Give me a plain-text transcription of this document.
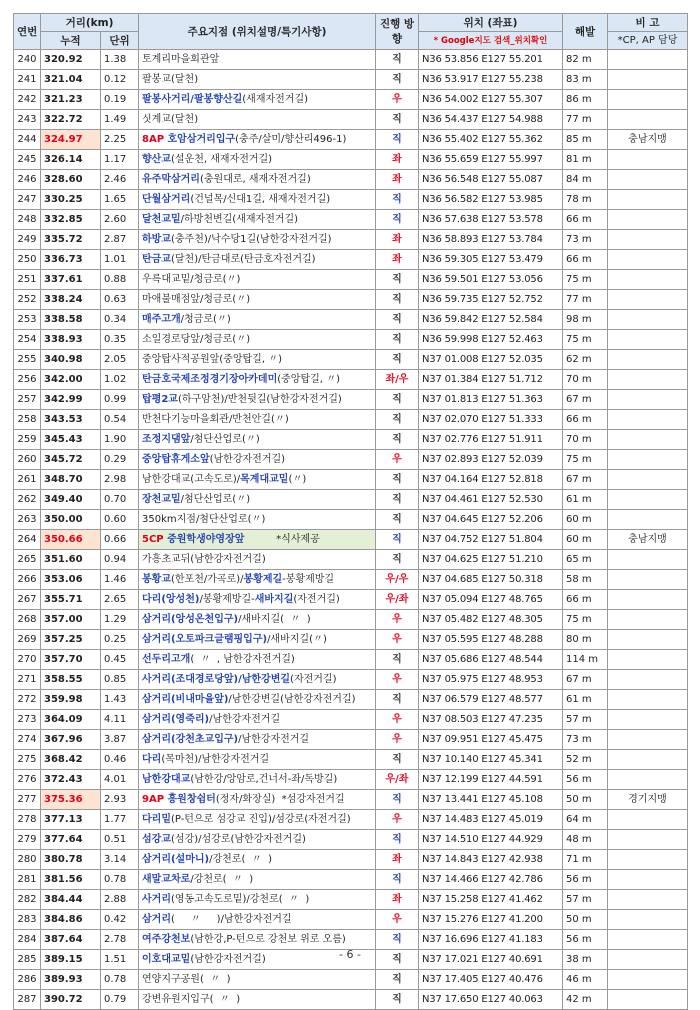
연번	거리(km)		주요지점 (위치설명/특기사항)	진행 방향	위치 (좌표)	해발	비 고
	누적	단위			* Google지도 검색_위치확인		*CP, AP 담당
240	320.92	1.38	토계리마을회관앞	직	N36 53.856 E127 55.201	82 m	
241	321.04	0.12	팔봉교(달천)	직	N36 53.917 E127 55.238	83 m	
242	321.23	0.19	팔봉사거리/팔봉향산길(새재자전거길)	우	N36 54.002 E127 55.307	86 m	
243	322.72	1.49	싯계교(달천)	직	N36 54.437 E127 54.988	77 m	
244	324.97	2.25	8AP 호암삼거리입구(충주/살미/향산리496-1)	직	N36 55.402 E127 55.362	85 m	충남지맹
245	326.14	1.17	향산교(설운천, 새재자전거길)	좌	N36 55.659 E127 55.997	81 m	
246	328.60	2.46	유주막삼거리(충원대로, 새재자전거길)	좌	N36 56.548 E127 55.087	84 m	
247	330.25	1.65	단월삼거리(건널목/신대1길, 새재자전거길)	직	N36 56.582 E127 53.985	78 m	
248	332.85	2.60	달천교밑/하방천변길(새재자전거길)	직	N36 57.638 E127 53.578	66 m	
249	335.72	2.87	하방교(충주천)/낙수당1길(남한강자전거길)	좌	N36 58.893 E127 53.784	73 m	
250	336.73	1.01	탄금교(달천)/탄금대로(탄금호자전거길)	좌	N36 59.305 E127 53.479	66 m	
251	337.61	0.88	우륵대교밑/청금로(〃)	직	N36 59.501 E127 53.056	75 m	
252	338.24	0.63	마애불매점앞/청금로(〃)	직	N36 59.735 E127 52.752	77 m	
253	338.58	0.34	매주고개/청금로(〃)	직	N36 59.842 E127 52.584	98 m	
254	338.93	0.35	소일경로당앞/청금로(〃)	직	N36 59.998 E127 52.463	75 m	
255	340.98	2.05	중앙탑사적공원앞(중앙탑길, 〃)	직	N37 01.008 E127 52.035	62 m	
256	342.00	1.02	탄금호국제조정경기장아카데미(중앙탑길, 〃)	좌/우	N37 01.384 E127 51.712	70 m	
257	342.99	0.99	탑평2교(하구암천)/반천뒷길(남한강자전거길)	직	N37 01.813 E127 51.363	67 m	
258	343.53	0.54	반천다기능마을회관/반천안길(〃)	직	N37 02.070 E127 51.333	66 m	
259	345.43	1.90	조정지댐앞/첨단산업로(〃)	직	N37 02.776 E127 51.911	70 m	
260	345.72	0.29	중앙탑휴게소앞(남한강자전거길)	우	N37 02.893 E127 52.039	75 m	
261	348.70	2.98	남한강대교(고속도로)/목계대교밑(〃)	직	N37 04.164 E127 52.818	67 m	
262	349.40	0.70	장천교밑/첨단산업로(〃)	직	N37 04.461 E127 52.530	61 m	
263	350.00	0.60	350km지점/첨단산업로(〃)	직	N37 04.645 E127 52.206	60 m	
264	350.66	0.66	5CP 중원학생야영장앞          *식사제공	직	N37 04.752 E127 51.804	60 m	충남지맹
265	351.60	0.94	가흥초교뒤(남한강자전거길)	직	N37 04.625 E127 51.210	65 m	
266	353.06	1.46	봉황교(한포천/가곡로)/봉황제길-봉황제방길	우/우	N37 04.685 E127 50.318	58 m	
267	355.71	2.65	다리(앙성천)/봉황제방길-새바지길(자전거길)	우/좌	N37 05.094 E127 48.765	66 m	
268	357.00	1.29	삼거리(앙성온천입구)/새바지길(  〃  )	우	N37 05.482 E127 48.305	75 m	
269	357.25	0.25	삼거리(오토파크글램핑입구)/새바지길(〃)	우	N37 05.595 E127 48.288	80 m	
270	357.70	0.45	선두리고개(  〃  , 남한강자전거길)	직	N37 05.686 E127 48.544	114 m	
271	358.55	0.85	사거리(조대경로당앞)/남한강변길(자전거길)	우	N37 05.975 E127 48.953	67 m	
272	359.98	1.43	삼거리(비내마을앞)/남한강변길(남한강자전거길)	직	N37 06.579 E127 48.577	61 m	
273	364.09	4.11	삼거리(영죽리)/남한강자전거길	우	N37 08.503 E127 47.235	57 m	
274	367.96	3.87	삼거리(강천초교입구)/남한강자전거길	우	N37 09.951 E127 45.475	73 m	
275	368.42	0.46	다리(목마천)/남한강자전거길	직	N37 10.140 E127 45.341	52 m	
276	372.43	4.01	남한강대교(남한강/앙암로,건너서-좌/독방길)	우/좌	N37 12.199 E127 44.591	56 m	
277	375.36	2.93	9AP 흥원창쉼터(정자/화장실)  *섬강자전거길	직	N37 13.441 E127 45.108	50 m	경기지맹
278	377.13	1.77	다리밑(P-턴으로 섬강교 진입)/섬강로(자전거길)	우	N37 14.483 E127 45.019	64 m	
279	377.64	0.51	섬강교(섬강)/섬강로(남한강자전거길)	직	N37 14.510 E127 44.929	48 m	
280	380.78	3.14	삼거리(설마니)/강천로(  〃  )	좌	N37 14.843 E127 42.938	71 m	
281	381.56	0.78	새말교차로/강천로(  〃  )	직	N37 14.466 E127 42.786	56 m	
282	384.44	2.88	사거리(영동고속도로밑)/강천로(  〃  )	좌	N37 15.258 E127 41.462	57 m	
283	384.86	0.42	삼거리(     〃     )/남한강자전거길	우	N37 15.276 E127 41.200	50 m	
284	387.64	2.78	여주강천보(남한강,P-턴으로 강천보 위로 오름)	직	N37 16.696 E127 41.183	56 m	
285	389.15	1.51	이호대교밑(남한강자전거길)	직	N37 17.021 E127 40.691	38 m	
286	389.93	0.78	연양지구공원(  〃  )	직	N37 17.405 E127 40.476	46 m	
287	390.72	0.79	강변유원지입구(  〃  )	직	N37 17.650 E127 40.063	42 m	
- 6 -
